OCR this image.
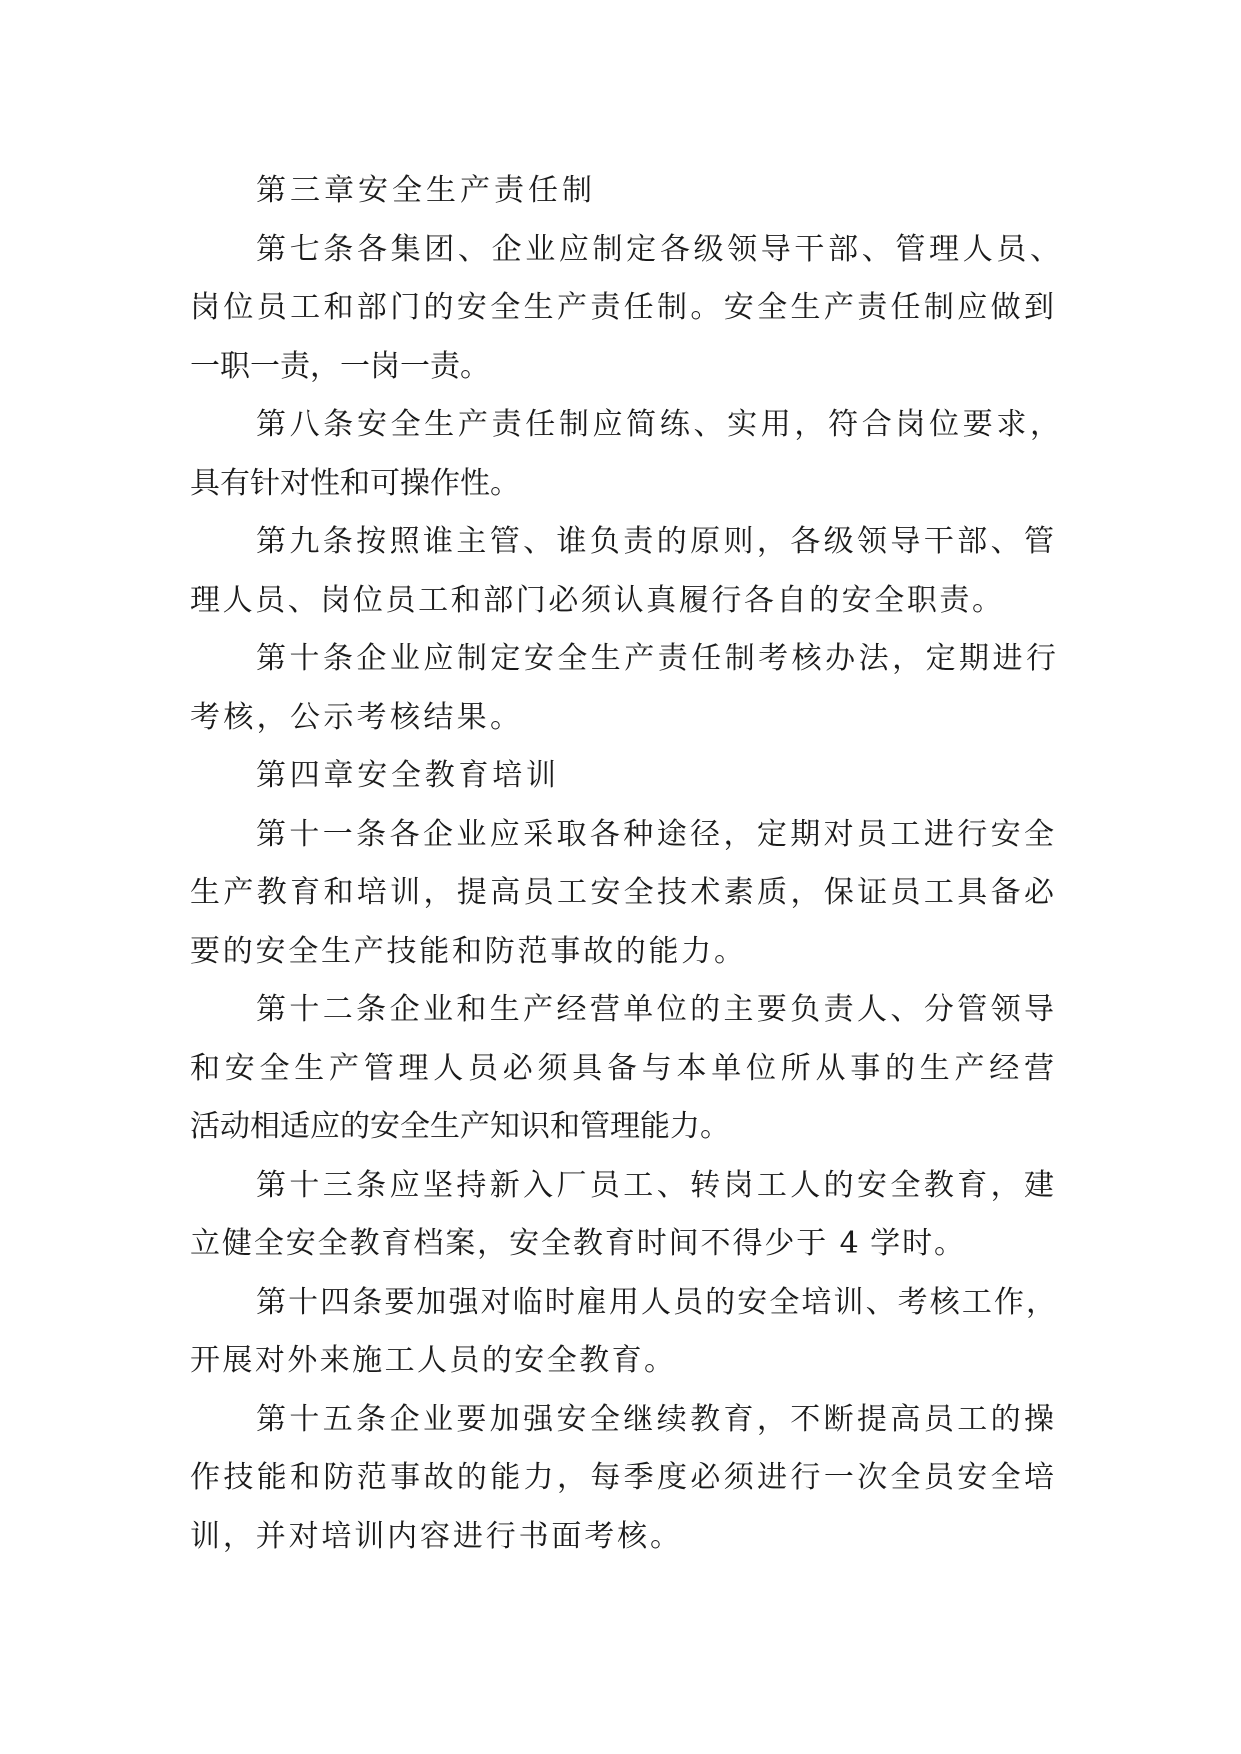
第三章安全生产责任制
第七条各集团、企业应制定各级领导干部、管理人员、
岗位员工和部门的安全生产责任制。安全生产责任制应做到
一职一责，一岗一责。
第八条安全生产责任制应简练、实用，符合岗位要求，
具有针对性和可操作性。
第九条按照谁主管、谁负责的原则，各级领导干部、管
理人员、岗位员工和部门必须认真履行各自的安全职责。
第十条企业应制定安全生产责任制考核办法，定期进行
考核，公示考核结果。
第四章安全教育培训
第十一条各企业应采取各种途径，定期对员工进行安全
生产教育和培训，提高员工安全技术素质，保证员工具备必
要的安全生产技能和防范事故的能力。
第十二条企业和生产经营单位的主要负责人、分管领导
和安全生产管理人员必须具备与本单位所从事的生产经营
活动相适应的安全生产知识和管理能力。
第十三条应坚持新入厂员工、转岗工人的安全教育，建
立健全安全教育档案，安全教育时间不得少于 4 学时。
第十四条要加强对临时雇用人员的安全培训、考核工作，
开展对外来施工人员的安全教育。
第十五条企业要加强安全继续教育，不断提高员工的操
作技能和防范事故的能力，每季度必须进行一次全员安全培
训，并对培训内容进行书面考核。
